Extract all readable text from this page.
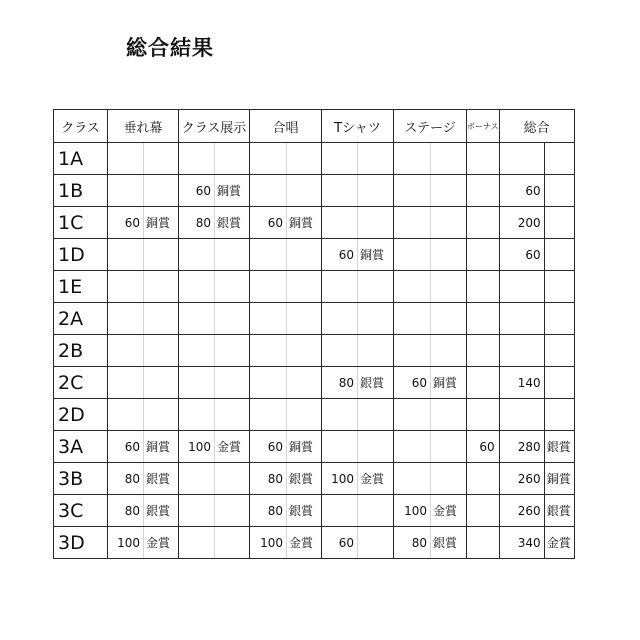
総合結果
クラス	垂れ幕		クラス展示		合唱		Tシャツ		ステージ		ボーナス	総合	
1A													
1B			60	銅賞								60	
1C	60	銅賞	80	銀賞	60	銅賞						200	
1D							60	銅賞				60	
1E													
2A													
2B													
2C							80	銀賞	60	銅賞		140	
2D													
3A	60	銅賞	100	金賞	60	銅賞					60	280	銀賞
3B	80	銀賞			80	銀賞	100	金賞				260	銅賞
3C	80	銀賞			80	銀賞			100	金賞		260	銀賞
3D	100	金賞			100	金賞	60		80	銀賞		340	金賞
